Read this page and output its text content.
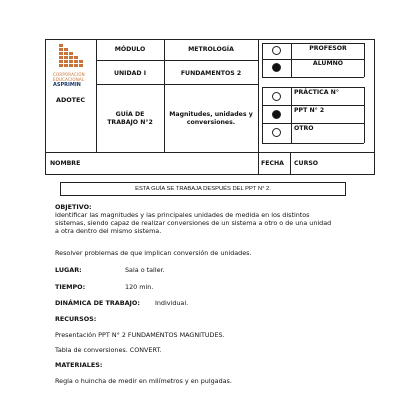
CORPORACIÓN
EDUCACIONAL
ASPRIMIN
ADOTEC
MÓDULO	METROLOGÍA
UNIDAD I	FUNDAMENTOS 2
GUÍA DE TRABAJO N°2
Magnitudes, unidades y conversiones.
PROFESOR
ALUMNO
PRÁCTICA N°
PPT N° 2
OTRO
NOMBRE	FECHA CURSO
ESTA GUÍA SE TRABAJA DESPUÉS DEL PPT N° 2.
OBJETIVO:
Identificar las magnitudes y las principales unidades de medida en los distintos
sistemas, siendo capaz de realizar conversiones de un sistema a otro o de una unidad
a otra dentro del mismo sistema.
Resolver problemas de que implican conversión de unidades.
LUGAR:	Sala o taller.
TIEMPO:	120 min.
DINÁMICA DE TRABAJO: Individual.
RECURSOS:
Presentación PPT N° 2 FUNDAMENTOS MAGNITUDES.
Tabla de conversiones. CONVERT.
MATERIALES:
Regla o huincha de medir en milímetros y en pulgadas.
